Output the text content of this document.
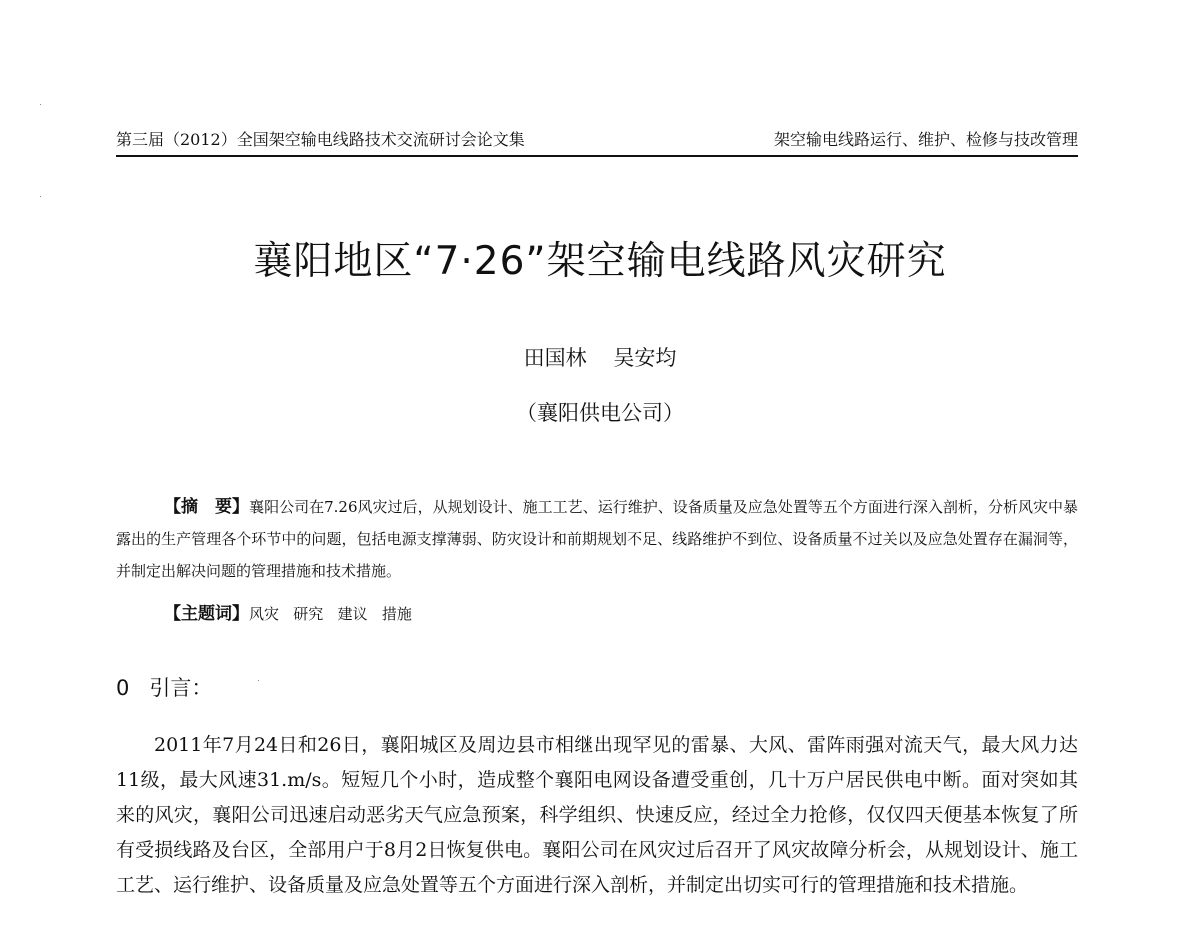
第三届（2012）全国架空输电线路技术交流研讨会论文集	架空输电线路运行、维护、检修与技改管理
襄阳地区“7·26”架空输电线路风灾研究
田国林    吴安均
（襄阳供电公司）

【摘　要】襄阳公司在7.26风灾过后，从规划设计、施工工艺、运行维护、设备质量及应急处置等五个方面进行深入剖析，分析风灾中暴露出的生产管理各个环节中的问题，包括电源支撑薄弱、防灾设计和前期规划不足、线路维护不到位、设备质量不过关以及应急处置存在漏洞等，并制定出解决问题的管理措施和技术措施。

【主题词】风灾   研究   建议   措施

0 引言：

2011年7月24日和26日，襄阳城区及周边县市相继出现罕见的雷暴、大风、雷阵雨强对流天气，最大风力达11级，最大风速31.m/s。短短几个小时，造成整个襄阳电网设备遭受重创，几十万户居民供电中断。面对突如其来的风灾，襄阳公司迅速启动恶劣天气应急预案，科学组织、快速反应，经过全力抢修，仅仅四天便基本恢复了所有受损线路及台区，全部用户于8月2日恢复供电。襄阳公司在风灾过后召开了风灾故障分析会，从规划设计、施工工艺、运行维护、设备质量及应急处置等五个方面进行深入剖析，并制定出切实可行的管理措施和技术措施。
